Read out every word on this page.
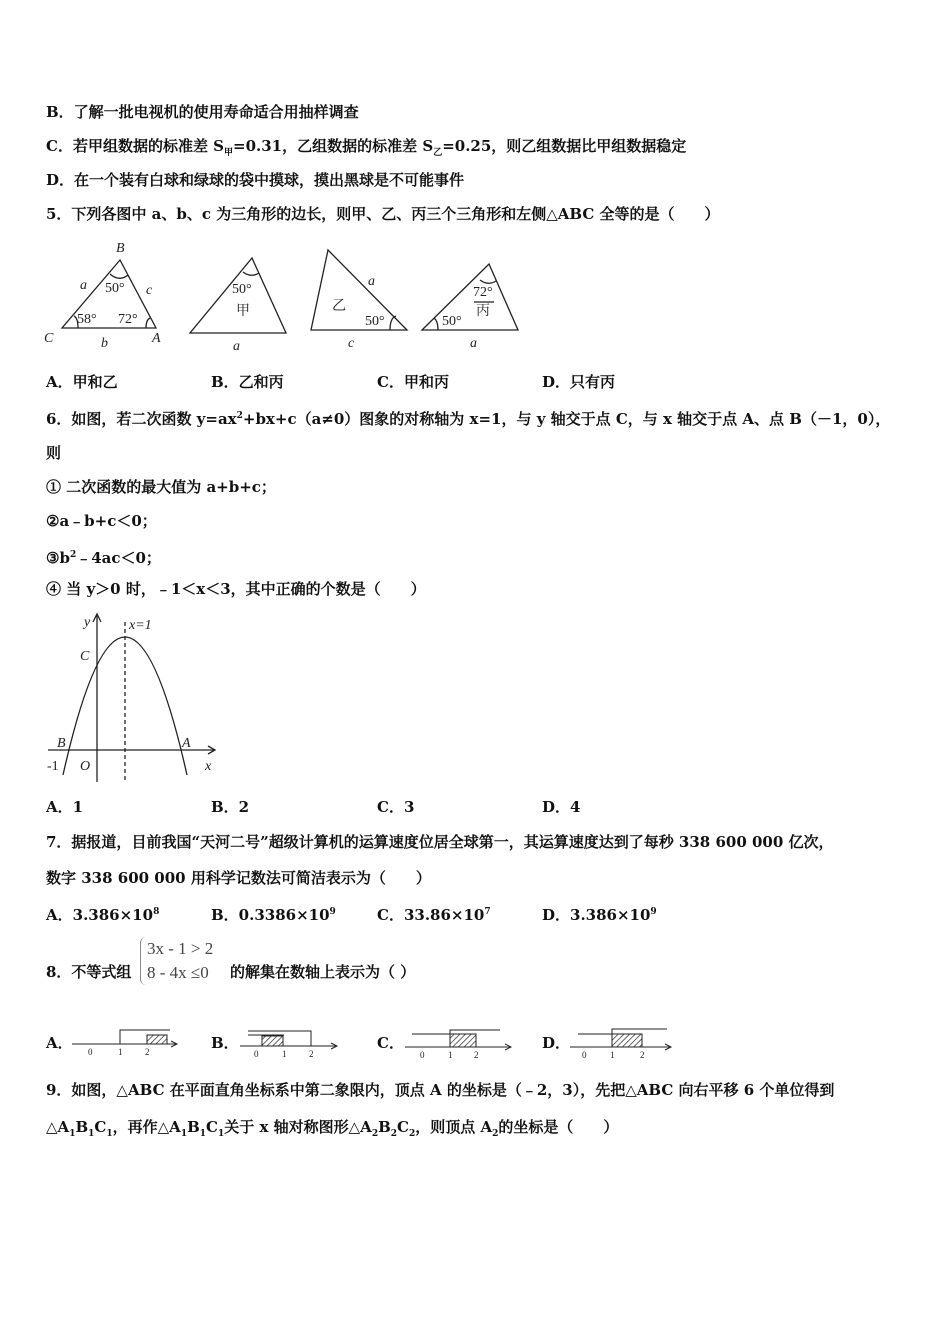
B．了解一批电视机的使用寿命适合用抽样调查
C．若甲组数据的标准差 $S_甲=0.31$，乙组数据的标准差 $S_乙=0.25$，则乙组数据比甲组数据稳定
D．在一个装有白球和绿球的袋中摸球，摸出黑球是不可能事件
5．下列各图中 a、b、c 为三角形的边长，则甲、乙、丙三个三角形和左侧△ABC 全等的是（　　）
B
C	A
a	c
b
50°
58° 72°
50°
甲
a
a
乙
50°
c
72°
丙
50°
a
y
x
x=1
C
B	A
O
-1
0	1	2	0	1	2	0	1 2	0	1	2
A．甲和乙	B．乙和丙	C．甲和丙	D．只有丙
6．如图，若二次函数 $y=ax^2+bx+c(a\ne 0)$图象的对称轴为 x=1，与 y 轴交于点 C，与 x 轴交于点 A、点 B（－1，0），
则
① 二次函数的最大值为 a+b+c；
②a﹣b+c＜0；
$③b^2﹣4ac<0$；
④ 当 y＞0 时，﹣1＜x＜3，其中正确的个数是（　　）
A．1	B．2	C．3	D．4
7．据报道，目前我国“天河二号”超级计算机的运算速度位居全球第一，其运算速度达到了每秒 338 600 000 亿次，
数字 338 600 000 用科学记数法可简洁表示为（　　）
A．$3.386\times 10^8$	B．$0.3386\times 10^9$	C．$33.86\times 10^7$	D．$3.386\times 10^9$
8．不等式组
3x - 1 > 2
8 - 4x ≤0	的解集在数轴上表示为（ ）
A．	B．	C．	D．
9．如图，△ABC 在平面直角坐标系中第二象限内，顶点 A 的坐标是（﹣2，3），先把△ABC 向右平移 6 个单位得到
$\triangle A_1B_1C_1$，再作$\triangle A_1B_1C_1$关于 x 轴对称图形$\triangle A_2B_2C_2$，则顶点 $A_2$的坐标是（　　）
